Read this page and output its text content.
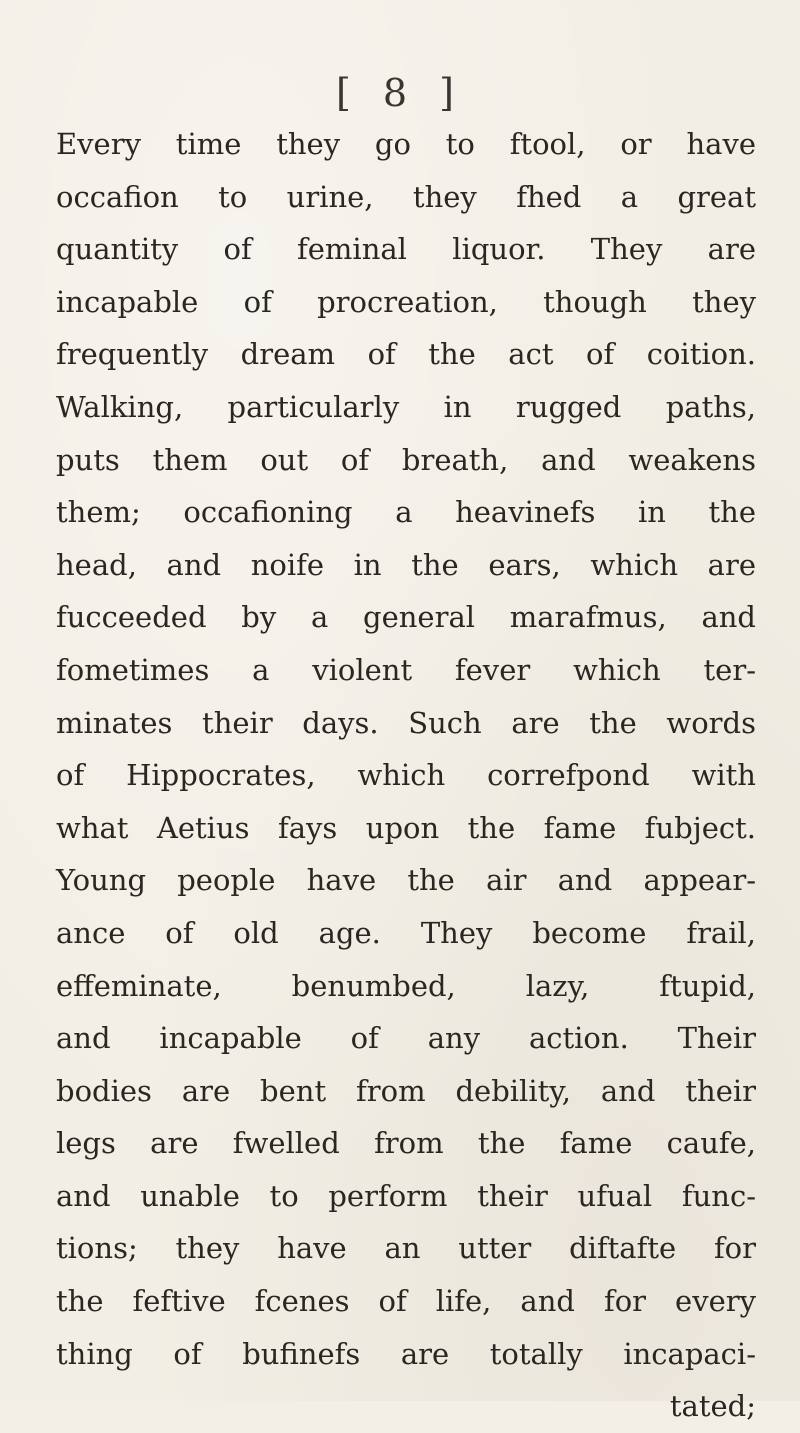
[ 8 ]
Every time they go to ftool, or have
occafion to urine, they fhed a great
quantity of feminal liquor. They are
incapable of procreation, though they
frequently dream of the act of coition.
Walking, particularly in rugged paths,
puts them out of breath, and weakens
them; occafioning a heavinefs in the
head, and noife in the ears, which are
fucceeded by a general marafmus, and
fometimes a violent fever which ter-
minates their days. Such are the words
of Hippocrates, which correfpond with
what Aetius fays upon the fame fubject.
Young people have the air and appear-
ance of old age. They become frail,
effeminate, benumbed, lazy, ftupid,
and incapable of any action. Their
bodies are bent from debility, and their
legs are fwelled from the fame caufe,
and unable to perform their ufual func-
tions; they have an utter diftafte for
the feftive fcenes of life, and for every
thing of bufinefs are totally incapaci-
tated;
